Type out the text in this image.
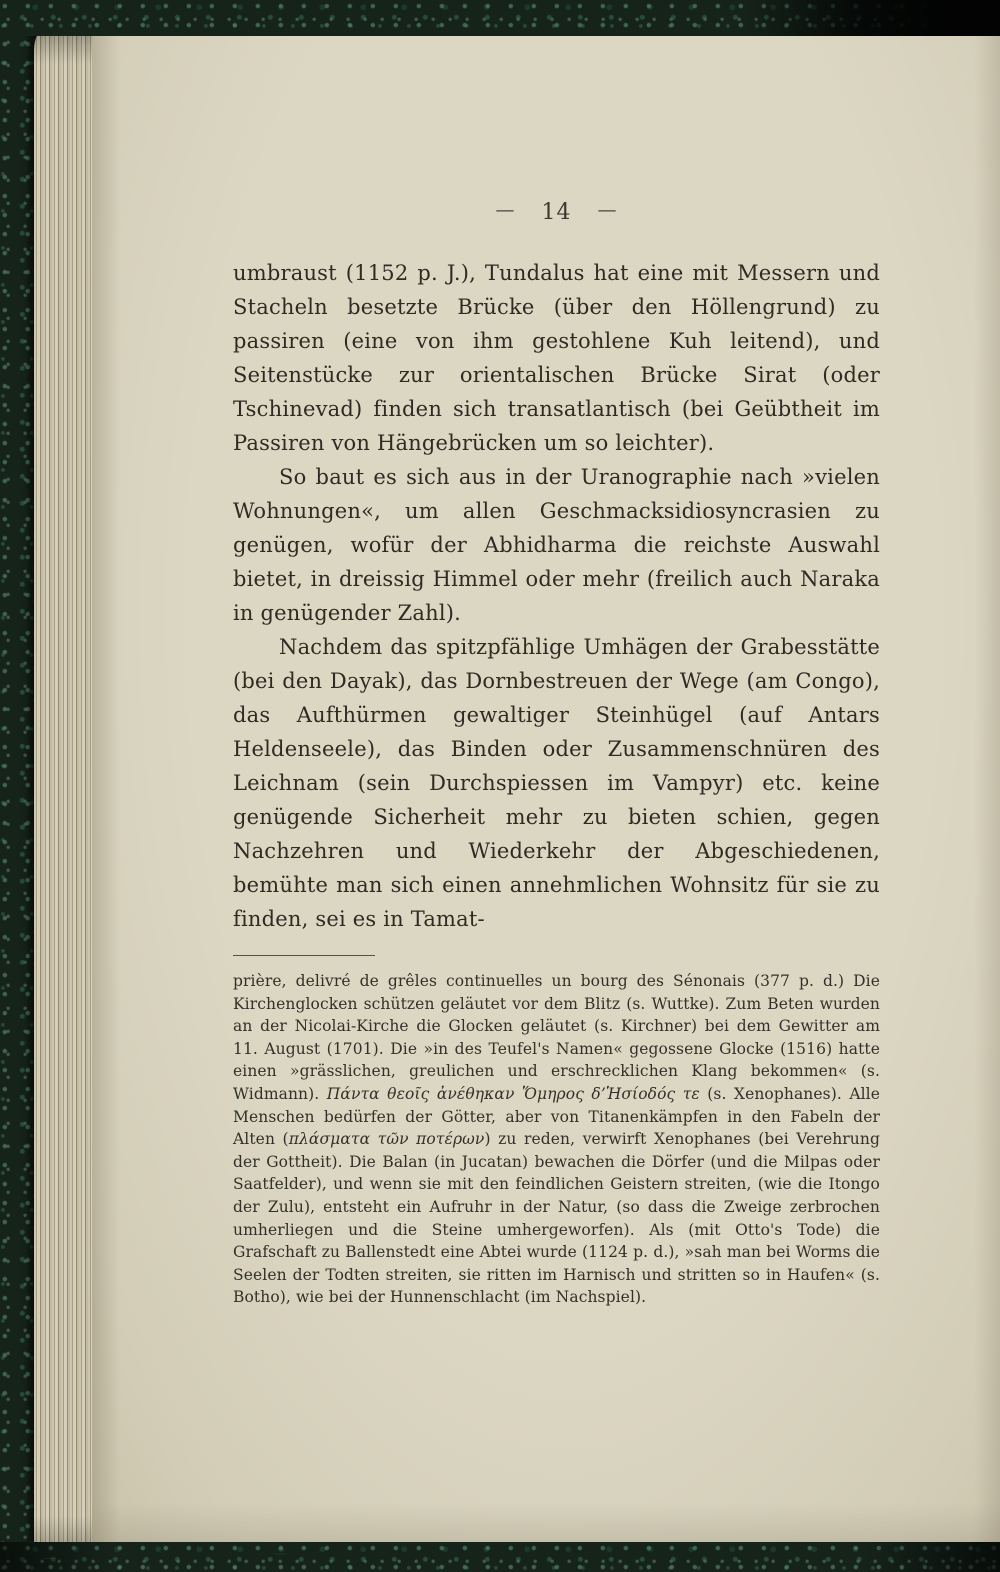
— 14 —

umbraust (1152 p. J.), Tundalus hat eine mit Messern und Stacheln besetzte Brücke (über den Höllengrund) zu passiren (eine von ihm gestohlene Kuh leitend), und Seitenstücke zur orientalischen Brücke Sirat (oder Tschinevad) finden sich transatlantisch (bei Geübtheit im Passiren von Hängebrücken um so leichter).

So baut es sich aus in der Uranographie nach »vielen Wohnungen«, um allen Geschmacksidiosyncrasien zu genügen, wofür der Abhidharma die reichste Auswahl bietet, in dreissig Himmel oder mehr (freilich auch Naraka in genügender Zahl).

Nachdem das spitzpfählige Umhägen der Grabesstätte (bei den Dayak), das Dornbestreuen der Wege (am Congo), das Aufthürmen gewaltiger Steinhügel (auf Antars Heldenseele), das Binden oder Zusammenschnüren des Leichnam (sein Durchspiessen im Vampyr) etc. keine genügende Sicherheit mehr zu bieten schien, gegen Nachzehren und Wiederkehr der Abgeschiedenen, bemühte man sich einen annehmlichen Wohnsitz für sie zu finden, sei es in Tamat-

prière, delivré de grêles continuelles un bourg des Sénonais (377 p. d.) Die Kirchenglocken schützen geläutet vor dem Blitz (s. Wuttke). Zum Beten wurden an der Nicolai-Kirche die Glocken geläutet (s. Kirchner) bei dem Gewitter am 11. August (1701). Die »in des Teufel's Namen« gegossene Glocke (1516) hatte einen »grässlichen, greulichen und erschrecklichen Klang bekommen« (s. Widmann). Πάντα θεοῖς ἀνέθηκαν Ὅμηρος δ’Ἡσίοδός τε (s. Xenophanes). Alle Menschen bedürfen der Götter, aber von Titanenkämpfen in den Fabeln der Alten (πλάσματα τῶν ποτέρων) zu reden, verwirft Xenophanes (bei Verehrung der Gottheit). Die Balan (in Jucatan) bewachen die Dörfer (und die Milpas oder Saatfelder), und wenn sie mit den feindlichen Geistern streiten, (wie die Itongo der Zulu), entsteht ein Aufruhr in der Natur, (so dass die Zweige zerbrochen umherliegen und die Steine umhergeworfen). Als (mit Otto's Tode) die Grafschaft zu Ballenstedt eine Abtei wurde (1124 p. d.), »sah man bei Worms die Seelen der Todten streiten, sie ritten im Harnisch und stritten so in Haufen« (s. Botho), wie bei der Hunnenschlacht (im Nachspiel).
